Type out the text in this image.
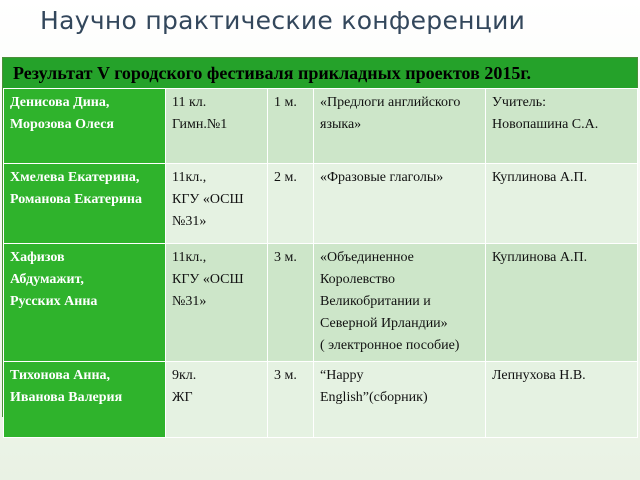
Научно практические конференции
Результат V городского фестиваля прикладных проектов 2015г.
Денисова Дина,
Морозова Олеся	11 кл.
Гимн.№1	1 м.	«Предлоги английского
языка»	Учитель:
Новопашина С.А.

Хмелева Екатерина,
Романова Екатерина	11кл.,
КГУ «ОСШ
№31»	2 м.	«Фразовые глаголы»	Куплинова А.П.

Хафизов
Абдумажит,
Русских Анна	11кл.,
КГУ «ОСШ
№31»	3 м.	«Объединенное
Королевство
Великобритании и
Северной Ирландии»
( электронное пособие)	Куплинова А.П.

Тихонова Анна,
Иванова Валерия	9кл.
ЖГ	3 м.	“Happy
English”(сборник)	Лепнухова Н.В.
